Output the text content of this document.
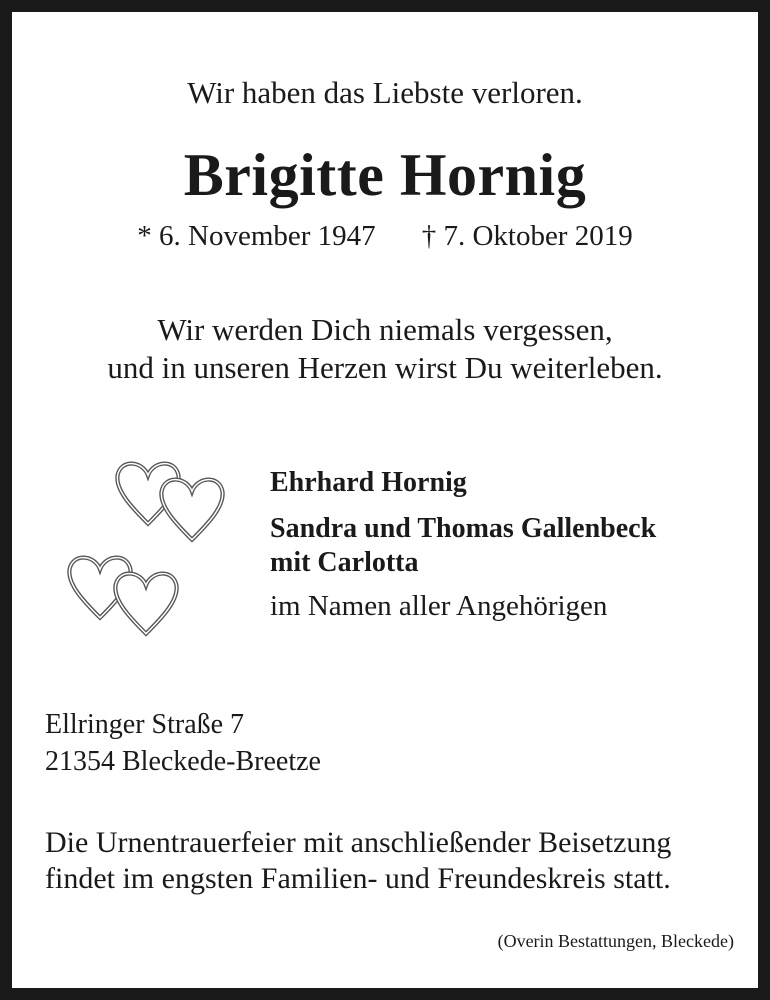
Wir haben das Liebste verloren.
Brigitte Hornig
* 6. November 1947 † 7. Oktober 2019
Wir werden Dich niemals vergessen,
und in unseren Herzen wirst Du weiterleben.
Ehrhard Hornig
Sandra und Thomas Gallenbeck
mit Carlotta
im Namen aller Angehörigen
Ellringer Straße 7
21354 Bleckede-Breetze
Die Urnentrauerfeier mit anschließender Beisetzung
findet im engsten Familien- und Freundeskreis statt.
(Overin Bestattungen, Bleckede)
